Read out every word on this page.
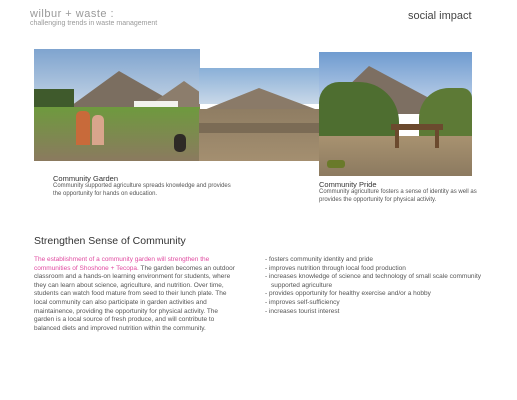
wilbur + waste :
challenging trends in waste management
social impact
Community Garden
Community supported agriculture spreads knowledge and provides the opportunity for hands on education.
Community Pride
Community agriculture fosters a sense of identity as well as provides the opportunity for physical activity.
Strengthen Sense of Community
The establishment of a community garden will strengthen the communities of Shoshone + Tecopa. The garden becomes an outdoor classroom and a hands-on learning environment for students, where they can learn about science, agriculture, and nutrition. Over time, students can watch food mature from seed to their lunch plate. The local community can also participate in garden activities and maintainence, providing the opportunity for physical activity. The garden is a local source of fresh produce, and will contribute to balanced diets and improved nutrition within the community.
- fosters community identity and pride
- improves nutrition through local food production
- increases knowledge of science and technology of small scale community supported agriculture
- provides opportunity for healthy exercise and/or a hobby
- improves self-sufficiency
- increases tourist interest
